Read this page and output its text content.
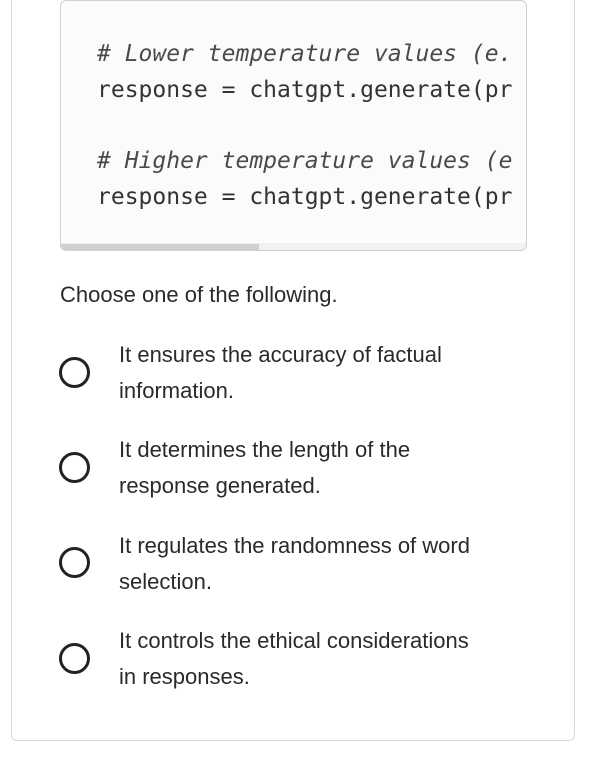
# Lower temperature values (e.
response = chatgpt.generate(pr
# Higher temperature values (e
response = chatgpt.generate(pr
Choose one of the following.
It ensures the accuracy of factual
information.
It determines the length of the
response generated.
It regulates the randomness of word
selection.
It controls the ethical considerations
in responses.
